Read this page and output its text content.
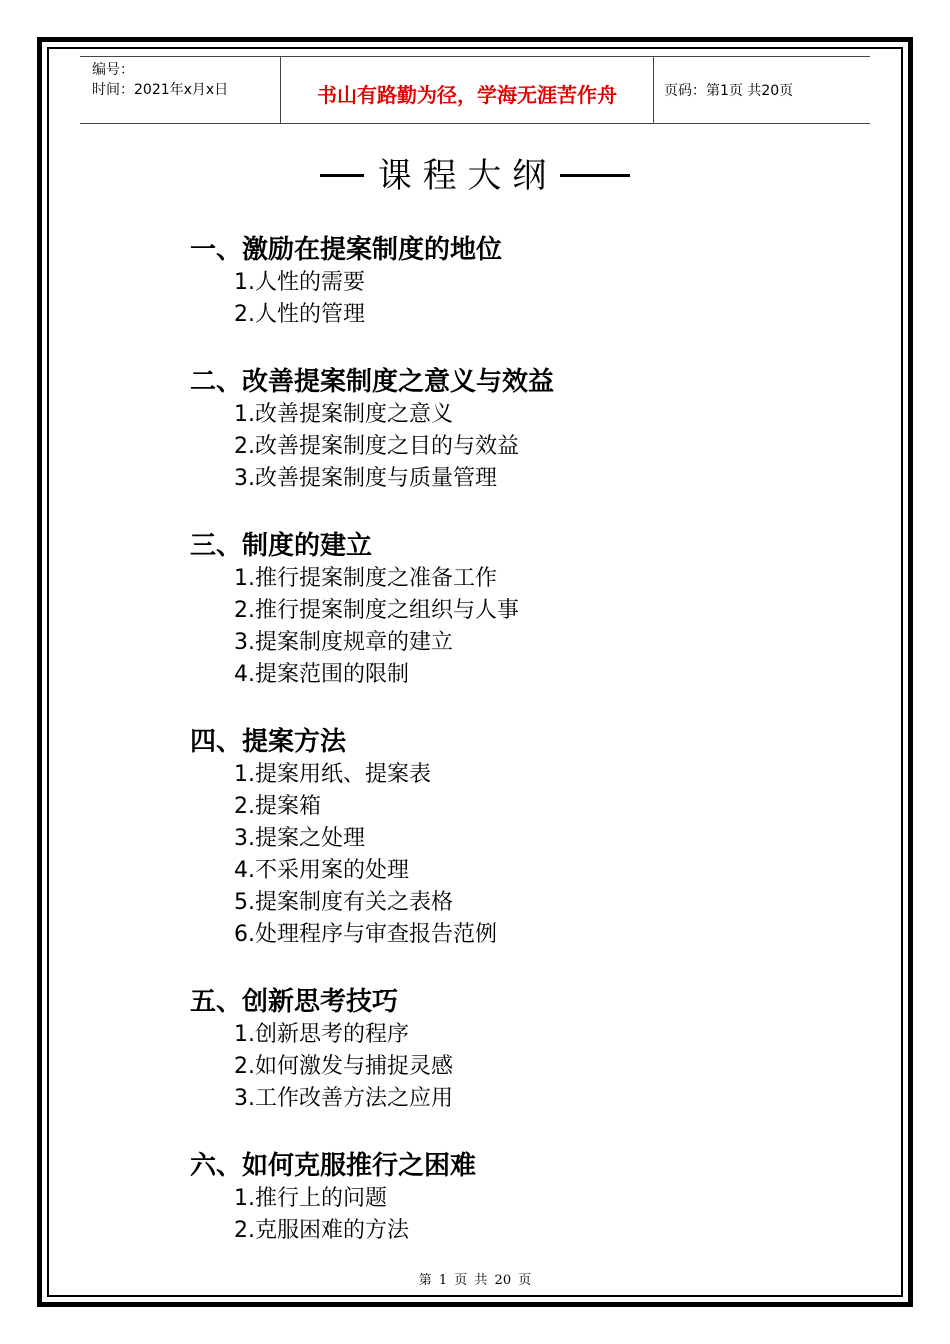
编号：
时间：2021年x月x日	书山有路勤为径，学海无涯苦作舟	页码：第1页 共20页
课 程 大 纲
一、激励在提案制度的地位
1.人性的需要
2.人性的管理
二、改善提案制度之意义与效益
1.改善提案制度之意义
2.改善提案制度之目的与效益
3.改善提案制度与质量管理
三、制度的建立
1.推行提案制度之准备工作
2.推行提案制度之组织与人事
3.提案制度规章的建立
4.提案范围的限制
四、提案方法
1.提案用纸、提案表
2.提案箱
3.提案之处理
4.不采用案的处理
5.提案制度有关之表格
6.处理程序与审查报告范例
五、创新思考技巧
1.创新思考的程序
2.如何激发与捕捉灵感
3.工作改善方法之应用
六、如何克服推行之困难
1.推行上的问题
2.克服困难的方法
第 1 页 共 20 页
